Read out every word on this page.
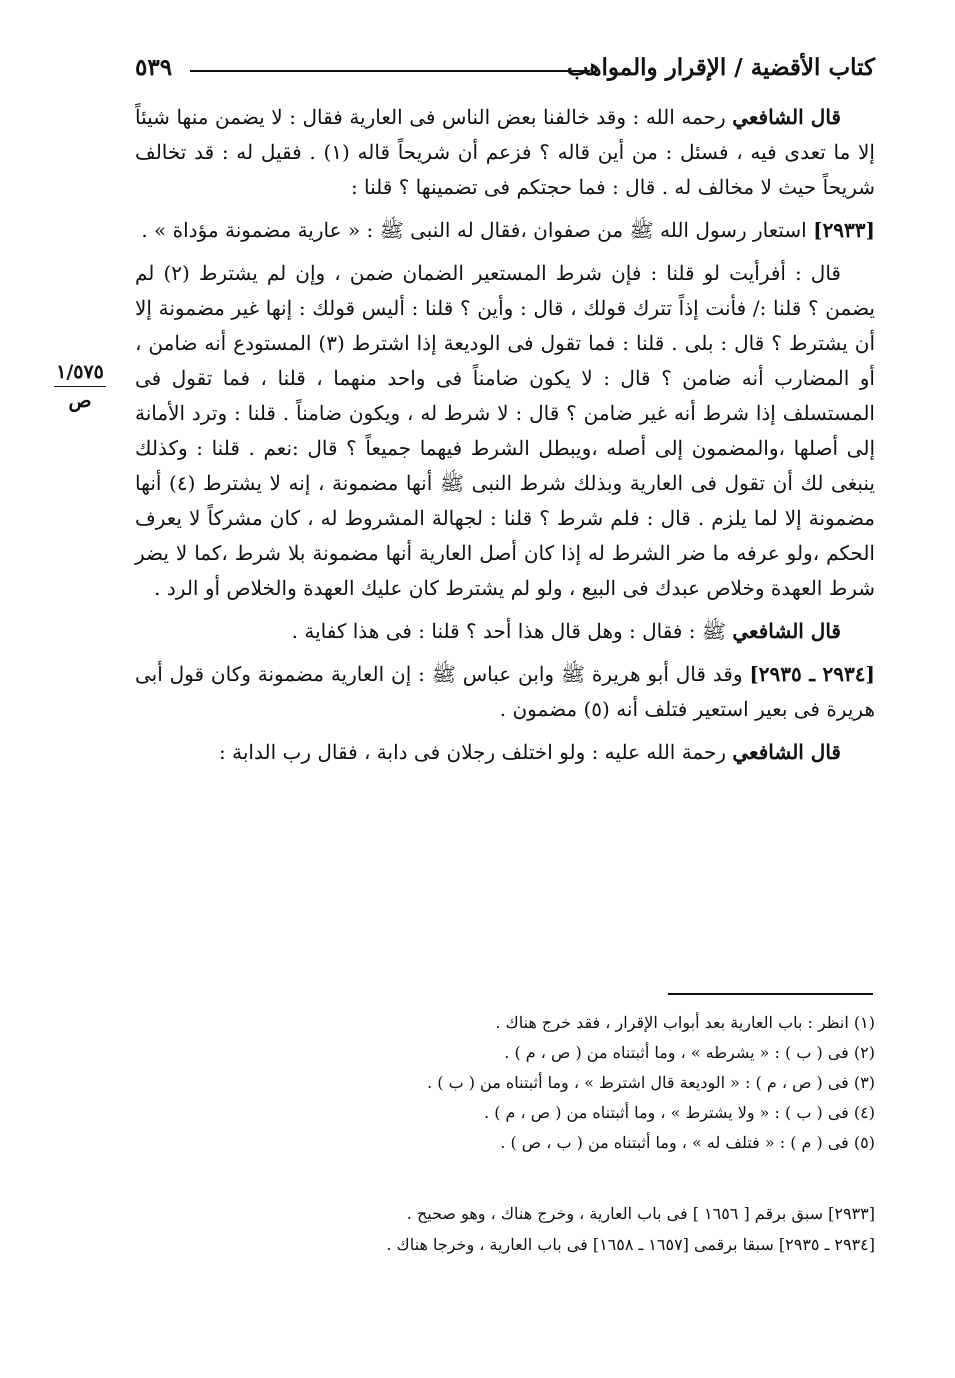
كتاب الأقضية / الإقرار والمواهب
٥٣٩
١/٥٧٥
ص

قال الشافعي رحمه الله : وقد خالفنا بعض الناس فى العارية فقال : لا يضمن منها شيئاً إلا ما تعدى فيه ، فسئل : من أين قاله ؟ فزعم أن شريحاً قاله (١) . فقيل له : قد تخالف شريحاً حيث لا مخالف له . قال : فما حجتكم فى تضمينها ؟ قلنا :

[٢٩٣٣] استعار رسول الله ﷺ من صفوان ،فقال له النبى ﷺ : « عارية مضمونة مؤداة » .

قال : أفرأيت لو قلنا : فإن شرط المستعير الضمان ضمن ، وإن لم يشترط (٢) لم يضمن ؟ قلنا :/ فأنت إذاً تترك قولك ، قال : وأين ؟ قلنا : أليس قولك : إنها غير مضمونة إلا أن يشترط ؟ قال : بلى . قلنا : فما تقول فى الوديعة إذا اشترط (٣) المستودع أنه ضامن ، أو المضارب أنه ضامن ؟ قال : لا يكون ضامناً فى واحد منهما ، قلنا ، فما تقول فى المستسلف إذا شرط أنه غير ضامن ؟ قال : لا شرط له ، ويكون ضامناً . قلنا : وترد الأمانة إلى أصلها ،والمضمون إلى أصله ،ويبطل الشرط فيهما جميعاً ؟ قال :نعم . قلنا : وكذلك ينبغى لك أن تقول فى العارية وبذلك شرط النبى ﷺ أنها مضمونة ، إنه لا يشترط (٤) أنها مضمونة إلا لما يلزم . قال : فلم شرط ؟ قلنا : لجهالة المشروط له ، كان مشركاً لا يعرف الحكم ،ولو عرفه ما ضر الشرط له إذا كان أصل العارية أنها مضمونة بلا شرط ،كما لا يضر شرط العهدة وخلاص عبدك فى البيع ، ولو لم يشترط كان عليك العهدة والخلاص أو الرد .

قال الشافعي ﷺ : فقال : وهل قال هذا أحد ؟ قلنا : فى هذا كفاية .

[٢٩٣٤ ـ ٢٩٣٥] وقد قال أبو هريرة ﷺ وابن عباس ﷺ : إن العارية مضمونة وكان قول أبى هريرة فى بعير استعير فتلف أنه (٥) مضمون .

قال الشافعي رحمة الله عليه : ولو اختلف رجلان فى دابة ، فقال رب الدابة :

(١) انظر : باب العارية بعد أبواب الإقرار ، فقد خرج هناك .

(٢) فى ( ب ) : « يشرطه » ، وما أثبتناه من ( ص ، م ) .

(٣) فى ( ص ، م ) : « الوديعة قال اشترط » ، وما أثبتناه من ( ب ) .

(٤) فى ( ب ) : « ولا يشترط » ، وما أثبتناه من ( ص ، م ) .

(٥) فى ( م ) : « فتلف له » ، وما أثبتناه من ( ب ، ص ) .

[٢٩٣٣] سبق برقم [ ١٦٥٦ ] فى باب العارية ، وخرج هناك ، وهو صحيح .

[٢٩٣٤ ـ ٢٩٣٥] سبقا برقمى [١٦٥٧ ـ ١٦٥٨] فى باب العارية ، وخرجا هناك .
